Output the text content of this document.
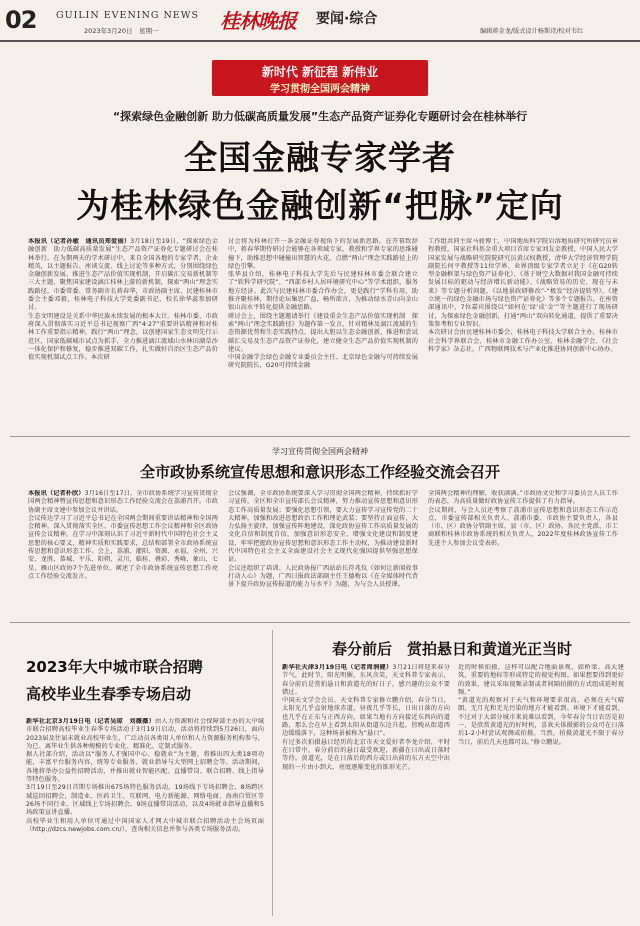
02 GUILIN EVENING NEWS
2023年3月20日　星期一	桂林晚报 要闻·综合
编辑蒋金龙/版式设计杨斯诗/校对韦红
新时代 新征程 新伟业
学习贯彻全国两会精神
“探索绿色金融创新 助力低碳高质量发展”生态产品资产证券化专题研讨会在桂林举行
全国金融专家学者
为桂林绿色金融创新“把脉”定向
本报讯（记者孙敏　通讯员郑爱丽）3月18日至19日，“探索绿色金融创新　助力低碳高质量发展”生态产品资产证券化专题研讨会在桂林举行。在为期两天的学术研讨中，来自全国各地的专家学者，企业精英，以主题报告、座谈交流、线上讨论等多种方式，分别围绕绿色金融创新发展、推进生态产品价值实现机制，开启碳汇交易新机制等三大主题，聚焦国家建设漓江桂林上游的新机制，探索“两山”理念实践路径，市委常委、常务副市长蒋春华，市政协副主席、民建桂林市委会主委邓毅，桂林电子科技大学党委副书记、校长徐华蕊参加研讨。
生态文明建设是关系中华民族永续发展的根本大计。桂林市委、市政府深入贯彻落实习近平总书记视察广西“4·27”重要讲话精神和对桂林工作重要指示精神，践行“两山”理念，以创建国家生态文明先行示范区，国家低碳城市试点为抓手，全力推进漓江流域山水林田湖草沙一体化保护和修复，稳步推进双碳工作，扎实做好自治区生态产品价值实现机制试点工作。本次研
讨会将为桂林打开一条金融证券视角下的发展新思路。在开幕致辞中，蒋春华期待研讨会能够在各领域专家，教授和学界专家的思维碰撞下，助推思想中碰撞出智慧的火花，点燃“两山”理念实践路径上的绿色引擎。
张华县介绍，桂林电子科技大学先后与民建桂林市委会联合建立了“软科学研究院”，“西部乡村人居环境研究中心”等学术组织，服务地方经济。此次与民建桂林市委合作办会，更是践行“学科有用，助推齐聚桂林，期待论坛集思广益，畅所欲言，为推动绿水青山向金山银山高水平转化提供金融思路。
研讨会上，围绕主题邀请举行《建设重金生态产品价值实现机制　探索“两山”理念实践路径》为题作第一发言，针对精林及漓江流域的生态资源优势和生态实践特点，提出大胆以生态金融创新，推进和尝试碳汇交易及生态产品资产证券化，建立健全生态产品价值实现机制的建议。
中国金融学会绿色金融专业委员会主任、北京绿色金融与可持续发展研究院院长，G20可持续金融
工作组共同主席马骏博士，中国地质科学院岩溶地质研究所研究员章程教授，国家社科基金重大项目首席专家刘友金教授，中国人民大学国家发展与战略研究院院研究员黄汉权教授，清华大学经济管理学院副院长何平教授等11位学界、业界顶级专家学者立足于《在G20转型金融框架与绿色资产证券化》、《基于财空大数据对我国金融可持续发展目标的驱动与经济增长新动能》、《战略贸易的历史、现在与未来》等专题分析问题，《以地景政研修改”-“极发”经济提转型》、《建立统一的绿色金融市场与绿色资产证券化》等多个专题报告，在座资深通讯中，7位嘉宾围绕以“如何在‘绿’成‘金’”等主题进行了现场研讨，为探索绿色金融创新，打通“两山”双向转化通道，提供了重要决策参考和专业智识。
本次研讨会由民建桂林市委会、桂林电子科技大学联合主办，桂林市社会科学界联合会、桂林市金融工作办公室、桂林金融学会、《社会科学家》杂志社，广西物联网技术与产业化推进协同创新中心协办。
学习宣传贯彻全国两会精神
全市政协系统宣传思想和意识形态工作经验交流会召开
本报讯（记者朴欣）3月16日至17日，全市政协系统学习宣传贯彻全国两会精神暨宣传思想和意识形态工作经验交流会在荔浦召开。市政协副主席文建中参加会议并讲话。
会议传达学习了习近平总书记在全国两会期间重要讲话精神和全国两会精神，深入贯彻落实全区、市委宣传思想工作会议精神和全区政协宣传会议精神，在学习中深刻认识了习近平新时代中国特色社会主义思想的核心要义、精神实质和实践要求，总结和部署全市政协系统宣传思想和意识形态工作。会上，荔浦、灌阳、资源、永福、全州、兴安、龙胜、恭城、平乐、阳朔、灵川、临桂、叠彩、秀峰、象山、七星、雁山区政协7个先进单位，阐述了全市政协系统宣传思想工作亮点工作经验交流发言。
会议强调，全市政协系统要深入学习贯彻全国两会精神，持续抓好学习宣传，全区和全市宣传部长会议精神，努力推动宣传思想和意识形态工作高质量发展；要强化思想引领，要大力宣传学习宣传党的二十大精神，加强和改进思想政治工作和理论武装；要坚持正面宣传，大力弘扬主旋律，加强宣传阵地建设，深化政协宣传工作高质量发展的文化自信和制度自信，加强意识形态安全，增强文化建设和制度建设，牢牢把握政协宣传思想和意识形态工作主动权，为推动建设新时代中国特色社会主义全面建设社会主义现代化强国提供坚强思想保证。
会议还组织了培训、人民政协报广西站站长符兆仪《如何让新闻故事打动人心》为题，广西日报政法部副主任王德梅以《在全媒体时代背景下提升政协宣传报道的能力与水平》为题，为与会人员授课。
全国两会精神的理解，收获满满。”市政协文史和学习委员会人员工作的表态，为高质量做好政协宣传工作提供了有力指导。
会议期间，与会人员还考察了荔浦市宣传思想和意识形态工作示范点，市委宣传部相关负责人、荔浦市委、市政协主要负责人，各县（市、区）政协分管副主席，县（市、区）政协、各民主党派、市工商联和桂林市政协系统的相关负责人，2022年度桂林政协宣传工作先进个人参加会议受表彰。
2023年大中城市联合招聘
高校毕业生春季专场启动
新华社北京3月19日电（记者吴琼　刘薇薇）由人力资源和社会保障部主办的大中城市联合招聘高校毕业生春季专场活动于3月19日启动，活动将持续到5月26日，面向2023届及往届未就业高校毕业生，广泛动员各类用人单位和人力资源服务机构参与，为已、离毕业生供各种规模的专业化、精准化、定制式服务。
据人社部介绍，活动以“服务人才强国中心、稳就业”为主题，将推出四大类18项功能，丰富平台服务内容，统筹专业服务、就业指导与大型网上招聘会等。活动期间，各地将举办公益性招聘活动，并推出就业智能匹配、直播带岗、联合招聘、线上指导等特色服务。
3月19日至29日首期专场推出675场特色服务活动，19场线下专场招聘会，8场跨区域巡回招聘会，制造业、医药卫生、互联网、电力新能源、网络电商、海南自贸区等26场不同行业、区域线上专场招聘会。9场直播带岗活动，以及4场就业指导直播和5场政策宣讲直播。
高校毕业生和用人单位可通过中国国家人才网大中城市联合招聘活动主会场页面（http://dzcs.newjobs.com.cn/），查询相关信息并参与各类专场服务活动。
春分前后　赏拍悬日和黄道光正当时
新华社天津3月19日电（记者周润健）3月21日将迎来春分节气，此时节，阳光明媚，东风含笑，天文科普专家表示，春分前后是赏拍悬日和黄道光的好日子，感兴趣的公众不要错过。
中国天文学会会员、天文科普专家修立鹏介绍，春分当日，太阳光几乎直射地球赤道，昼夜几乎等长，日出日落的方向也几乎在正东与正西方向，如果当地有方向接近东西向的道路，那么会在早上看到太阳从街道东边升起，傍晚从街道西边缓缓落下，这种场景被称为“悬日”。
有过多次拍摄悬日经历的北京市天文爱好者李龙介绍，平时在日常中，春分前后的悬日最受欢迎，新疆在日出或日落时等待。黄道光，是在日落后的西方或日出前的东方天空中出现的一片由小到大、亮度逐渐变化的锥形光芒。
近的时候拍摄，这样可以配合地面景观，如桥梁、高大建筑，重要的地标等形成特定的视觉构图。如果想要得到更好的效果，建议采取视频录制或者间隔拍摄的方式组成延时视频。”
“黄道光的观察对于天气和环境要求很高，必须在天气晴朗，无月光和无光污染的地方才能看到。环境下才能看到，不过对于大部分城市来说难以看到，今年春分当日农历是初一，是欣赏黄道光的好时机，喜欢天体摄影的公众可在日落后1-2小时尝试观测或拍摄。当然，拍摄黄道光不限于春分当日，前后几天也都可以。”修立鹏说。
